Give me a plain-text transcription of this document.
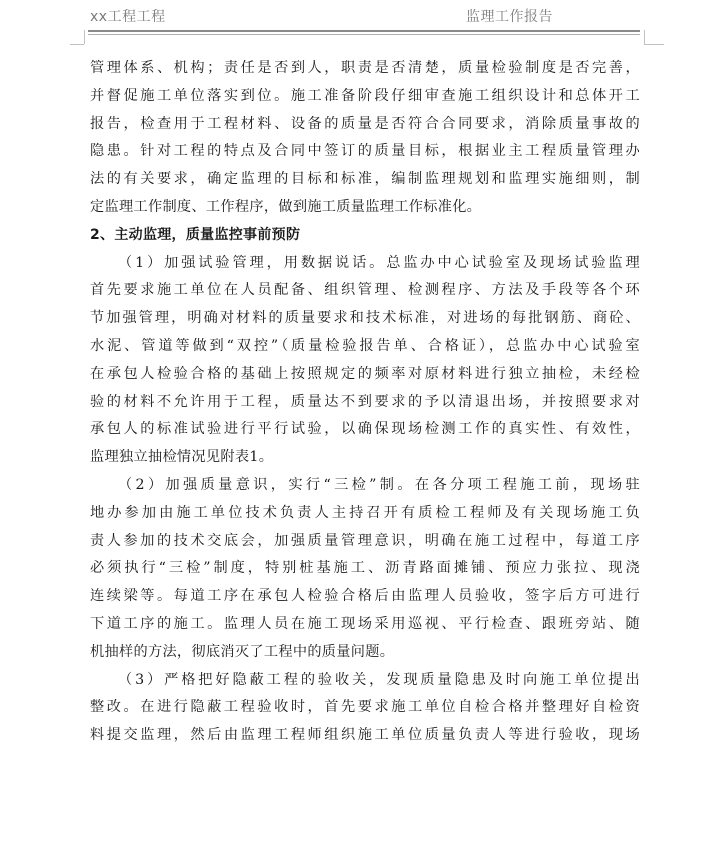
xx工程工程	监理工作报告
管理体系、机构；责任是否到人，职责是否清楚，质量检验制度是否完善，
并督促施工单位落实到位。施工准备阶段仔细审查施工组织设计和总体开工
报告，检查用于工程材料、设备的质量是否符合合同要求，消除质量事故的
隐患。针对工程的特点及合同中签订的质量目标，根据业主工程质量管理办
法的有关要求，确定监理的目标和标准，编制监理规划和监理实施细则，制
定监理工作制度、工作程序，做到施工质量监理工作标准化。
2、主动监理，质量监控事前预防
（1）加强试验管理，用数据说话。总监办中心试验室及现场试验监理
首先要求施工单位在人员配备、组织管理、检测程序、方法及手段等各个环
节加强管理，明确对材料的质量要求和技术标准，对进场的每批钢筋、商砼、
水泥、管道等做到“双控”（质量检验报告单、合格证），总监办中心试验室
在承包人检验合格的基础上按照规定的频率对原材料进行独立抽检，未经检
验的材料不允许用于工程，质量达不到要求的予以清退出场，并按照要求对
承包人的标准试验进行平行试验，以确保现场检测工作的真实性、有效性，
监理独立抽检情况见附表1。
（2）加强质量意识，实行“三检”制。在各分项工程施工前，现场驻
地办参加由施工单位技术负责人主持召开有质检工程师及有关现场施工负
责人参加的技术交底会，加强质量管理意识，明确在施工过程中，每道工序
必须执行“三检”制度，特别桩基施工、沥青路面摊铺、预应力张拉、现浇
连续梁等。每道工序在承包人检验合格后由监理人员验收，签字后方可进行
下道工序的施工。监理人员在施工现场采用巡视、平行检查、跟班旁站、随
机抽样的方法，彻底消灭了工程中的质量问题。
（3）严格把好隐蔽工程的验收关，发现质量隐患及时向施工单位提出
整改。在进行隐蔽工程验收时，首先要求施工单位自检合格并整理好自检资
料提交监理，然后由监理工程师组织施工单位质量负责人等进行验收，现场
